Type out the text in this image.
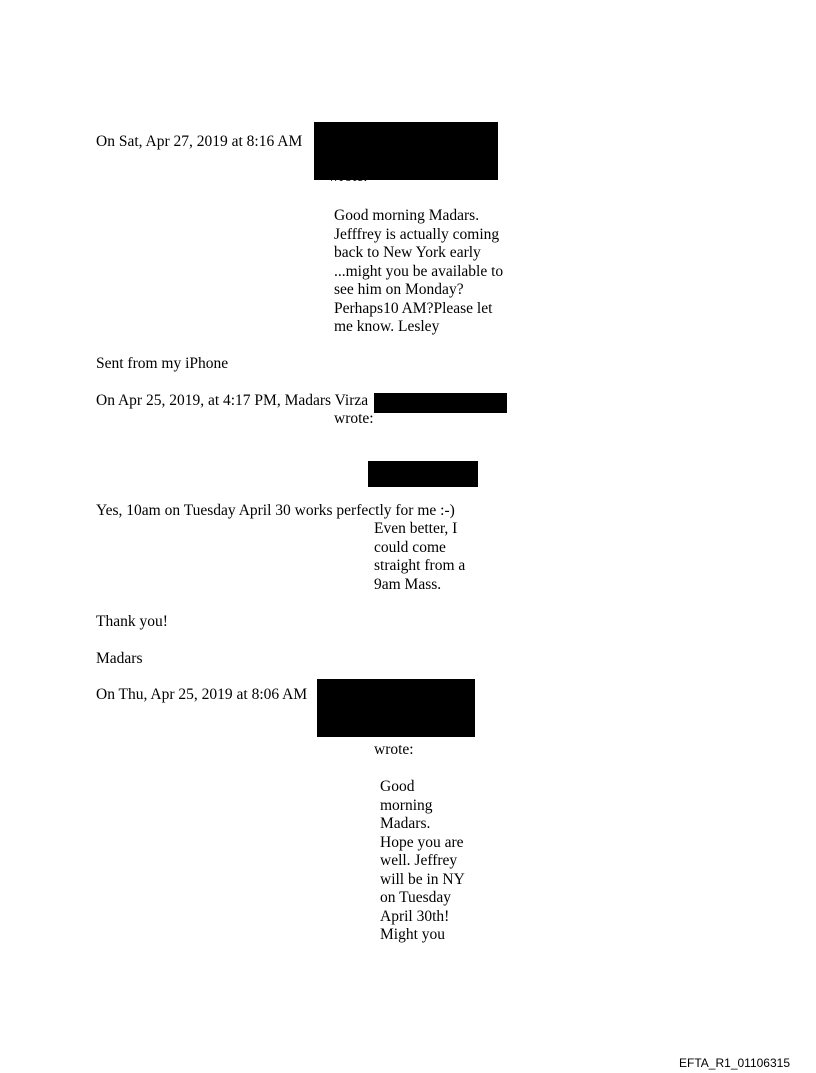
On Sat, Apr 27, 2019 at 8:16 AM
Good morning Madars.
Jefffrey is actually coming
back to New York early
...might you be available to
see him on Monday?
Perhaps10 AM?Please let
me know. Lesley
Sent from my iPhone
On Apr 25, 2019, at 4:17 PM, Madars Virza
wrote:
Yes, 10am on Tuesday April 30 works perfectly for me :-)
Even better, I
could come
straight from a
9am Mass.
Thank you!
Madars
On Thu, Apr 25, 2019 at 8:06 AM
wrote:
Good
morning
Madars.
Hope you are
well. Jeffrey
will be in NY
on Tuesday
April 30th!
Might you
EFTA_R1_01106315
